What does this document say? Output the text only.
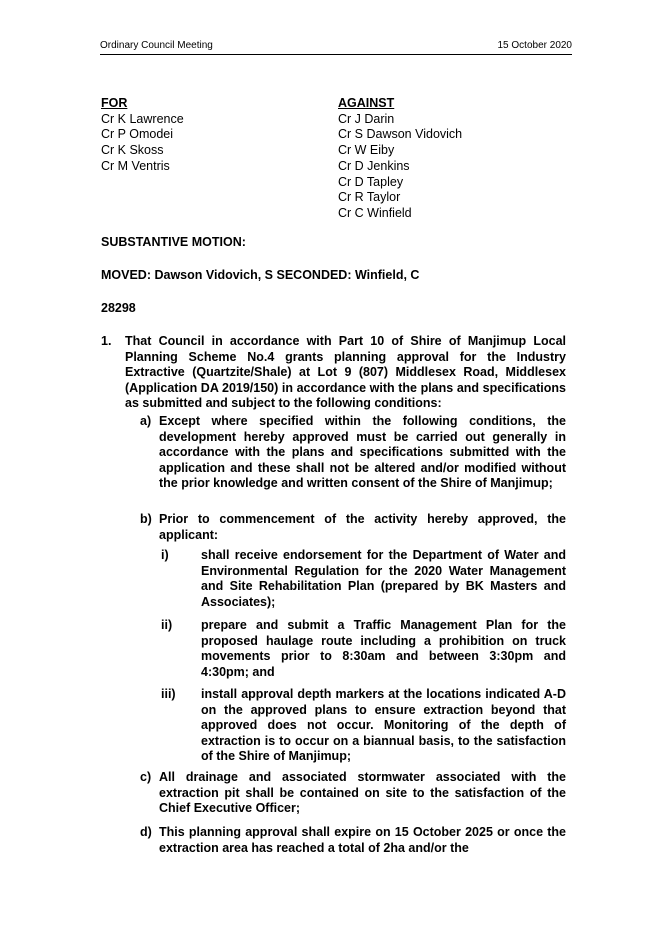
Ordinary Council Meeting	15 October 2020
FOR
Cr K Lawrence
Cr P Omodei
Cr K Skoss
Cr M Ventris
AGAINST
Cr J Darin
Cr S Dawson Vidovich
Cr W Eiby
Cr D Jenkins
Cr D Tapley
Cr R Taylor
Cr C Winfield
SUBSTANTIVE MOTION:
MOVED: Dawson Vidovich, S SECONDED: Winfield, C
28298
1. That Council in accordance with Part 10 of Shire of Manjimup Local Planning Scheme No.4 grants planning approval for the Industry Extractive (Quartzite/Shale) at Lot 9 (807) Middlesex Road, Middlesex (Application DA 2019/150) in accordance with the plans and specifications as submitted and subject to the following conditions:
a) Except where specified within the following conditions, the development hereby approved must be carried out generally in accordance with the plans and specifications submitted with the application and these shall not be altered and/or modified without the prior knowledge and written consent of the Shire of Manjimup;
b) Prior to commencement of the activity hereby approved, the applicant:
i)	shall receive endorsement for the Department of Water and Environmental Regulation for the 2020 Water Management and Site Rehabilitation Plan (prepared by BK Masters and Associates);
ii) prepare and submit a Traffic Management Plan for the proposed haulage route including a prohibition on truck movements prior to 8:30am and between 3:30pm and 4:30pm; and
iii) install approval depth markers at the locations indicated A-D on the approved plans to ensure extraction beyond that approved does not occur. Monitoring of the depth of extraction is to occur on a biannual basis, to the satisfaction of the Shire of Manjimup;
c) All drainage and associated stormwater associated with the extraction pit shall be contained on site to the satisfaction of the Chief Executive Officer;
d) This planning approval shall expire on 15 October 2025 or once the extraction area has reached a total of 2ha and/or the
